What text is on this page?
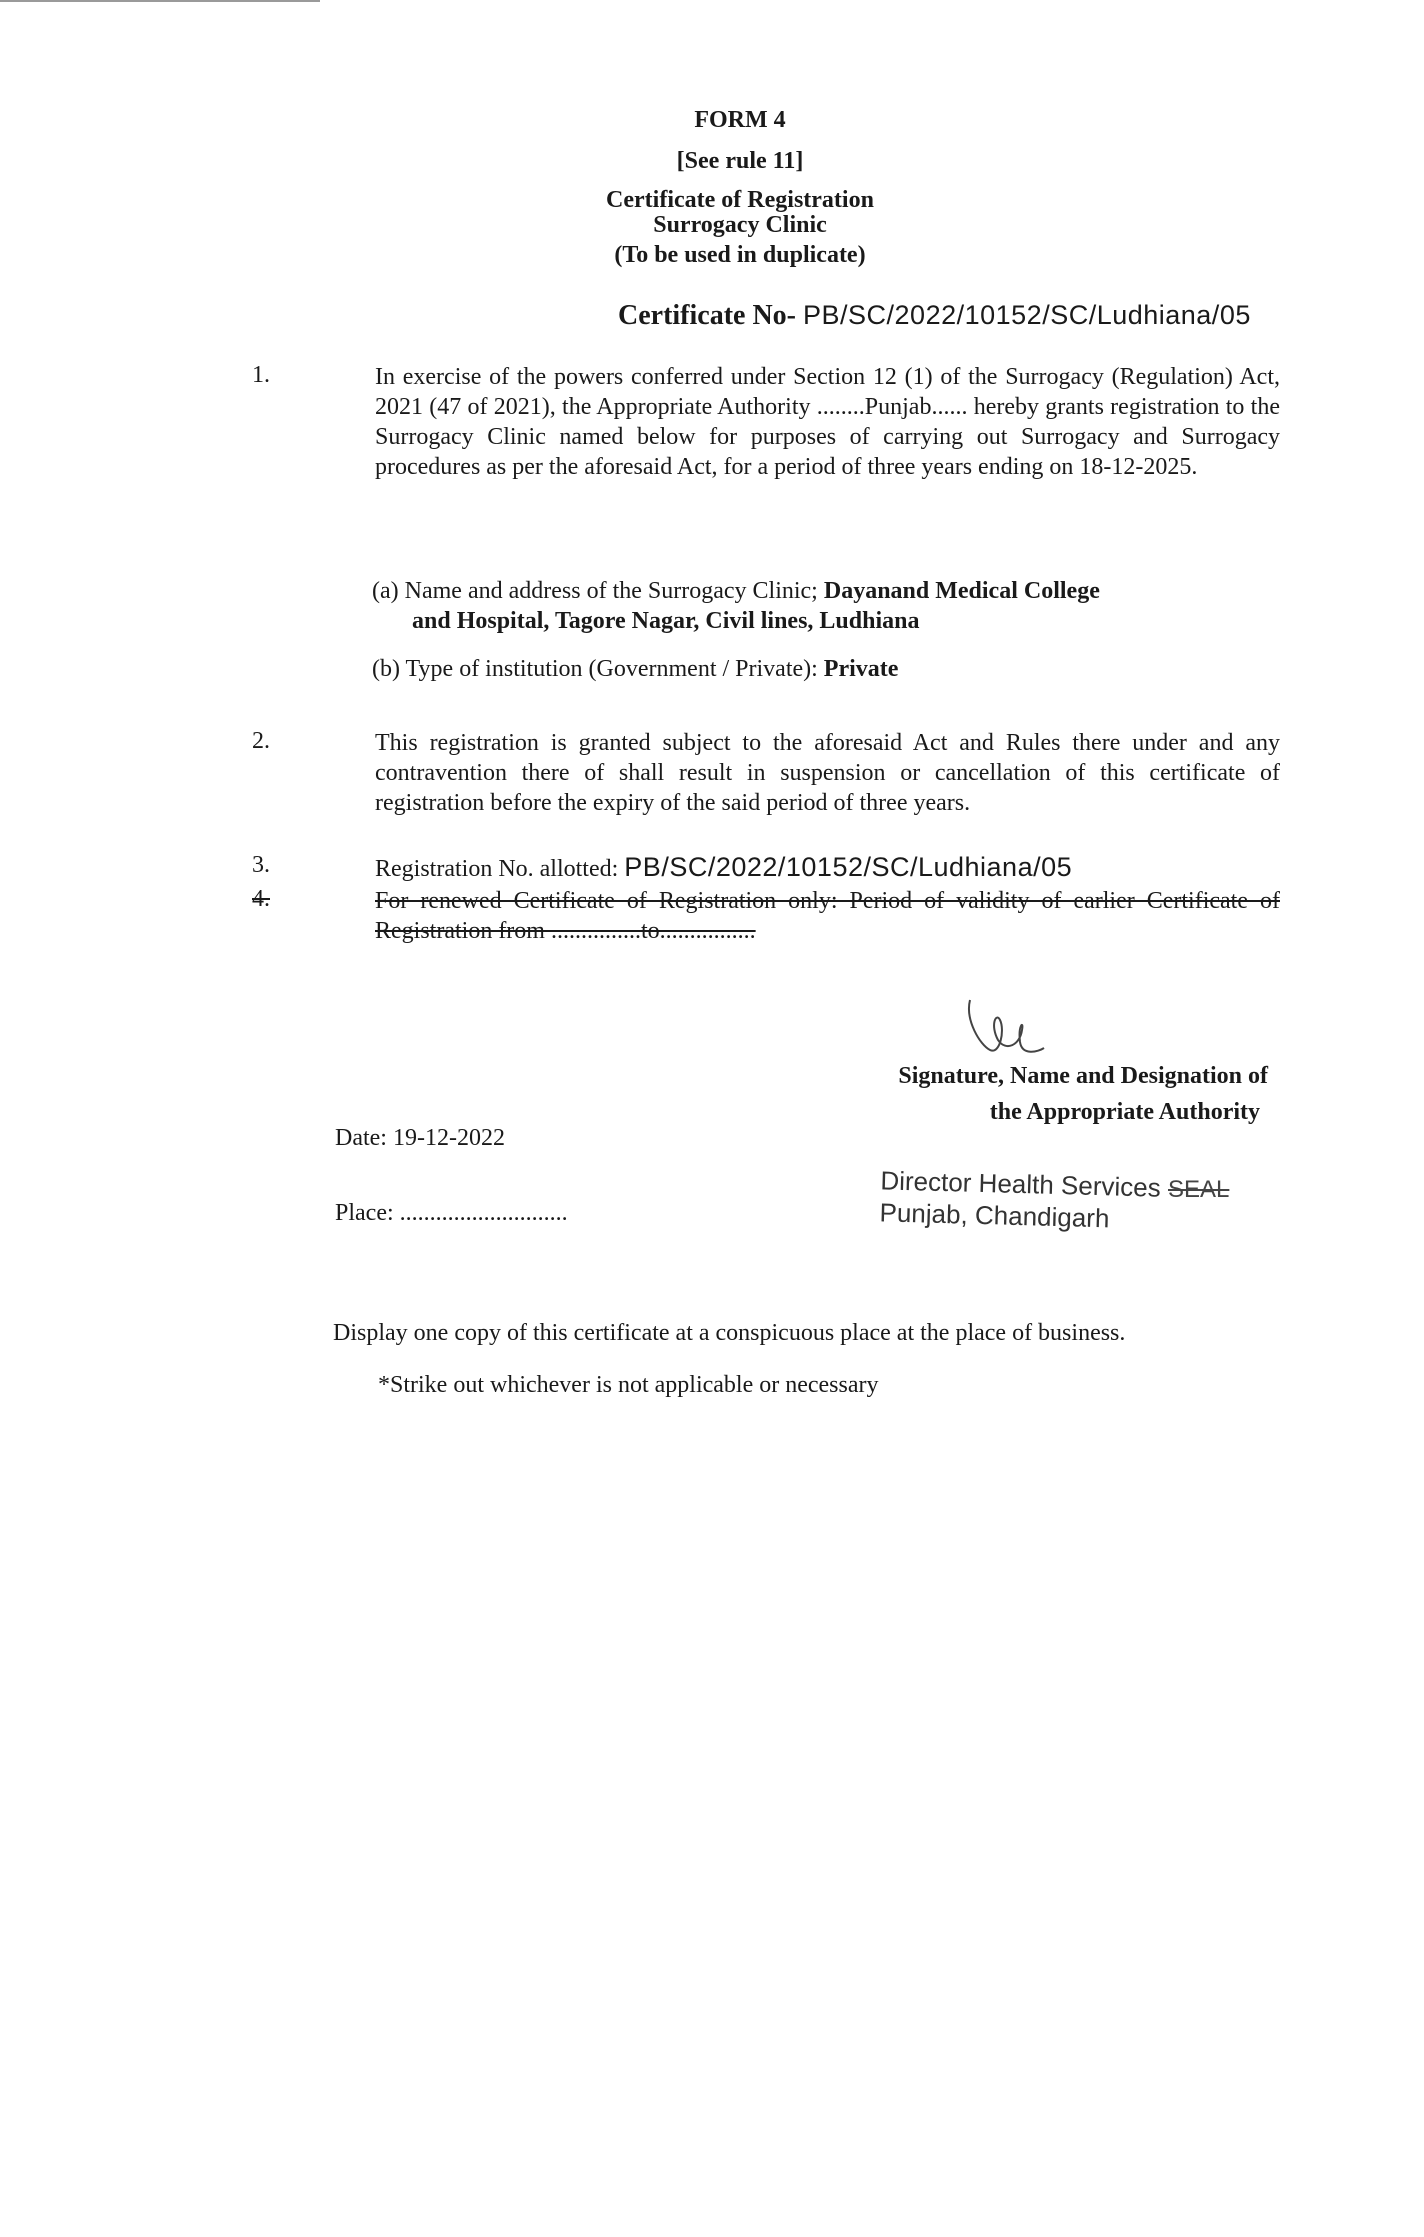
FORM 4
[See rule 11]
Certificate of Registration
Surrogacy Clinic
(To be used in duplicate)
Certificate No- PB/SC/2022/10152/SC/Ludhiana/05
1.	In exercise of the powers conferred under Section 12 (1) of the Surrogacy (Regulation) Act, 2021 (47 of 2021), the Appropriate Authority ........Punjab...... hereby grants registration to the Surrogacy Clinic named below for purposes of carrying out Surrogacy and Surrogacy procedures as per the aforesaid Act, for a period of three years ending on 18-12-2025.
(a) Name and address of the Surrogacy Clinic; Dayanand Medical College
and Hospital, Tagore Nagar, Civil lines, Ludhiana
(b) Type of institution (Government / Private): Private
2.	This registration is granted subject to the aforesaid Act and Rules there under and any contravention there of shall result in suspension or cancellation of this certificate of registration before the expiry of the said period of three years.
3.	Registration No. allotted: PB/SC/2022/10152/SC/Ludhiana/05
4.	For renewed Certificate of Registration only: Period of validity of earlier Certificate of Registration from ...............to................
Signature, Name and Designation of
the Appropriate Authority
Date: 19-12-2022
Place: ............................
Director Health Services
Punjab, Chandigarh
SEAL
Display one copy of this certificate at a conspicuous place at the place of business.
*Strike out whichever is not applicable or necessary
